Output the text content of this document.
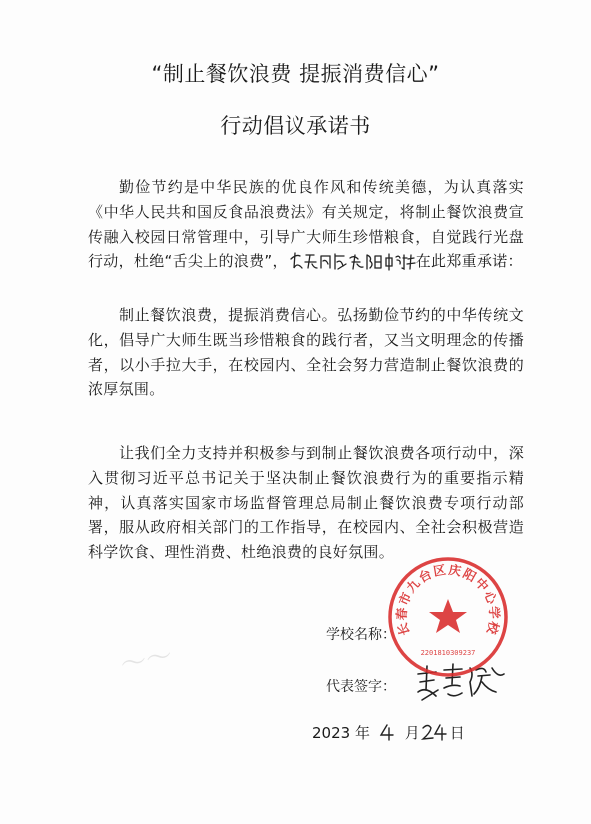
〜〜
“制止餐饮浪费 提振消费信心”
行动倡议承诺书

勤俭节约是中华民族的优良作风和传统美德，为认真落实《中华人民共和国反食品浪费法》有关规定，将制止餐饮浪费宣传融入校园日常管理中，引导广大师生珍惜粮食，自觉践行光盘行动，杜绝“舌尖上的浪费”，	在此郑重承诺：

制止餐饮浪费，提振消费信心。弘扬勤俭节约的中华传统文化，倡导广大师生既当珍惜粮食的践行者，又当文明理念的传播者，以小手拉大手，在校园内、全社会努力营造制止餐饮浪费的浓厚氛围。

让我们全力支持并积极参与到制止餐饮浪费各项行动中，深入贯彻习近平总书记关于坚决制止餐饮浪费行为的重要指示精神，认真落实国家市场监督管理总局制止餐饮浪费专项行动部署，服从政府相关部门的工作指导，在校园内、全社会积极营造科学饮食、理性消费、杜绝浪费的良好氛围。

学校名称：
代表签字：
2023 年 月 日
长春市九台区庆阳中心学校
2201810309237
